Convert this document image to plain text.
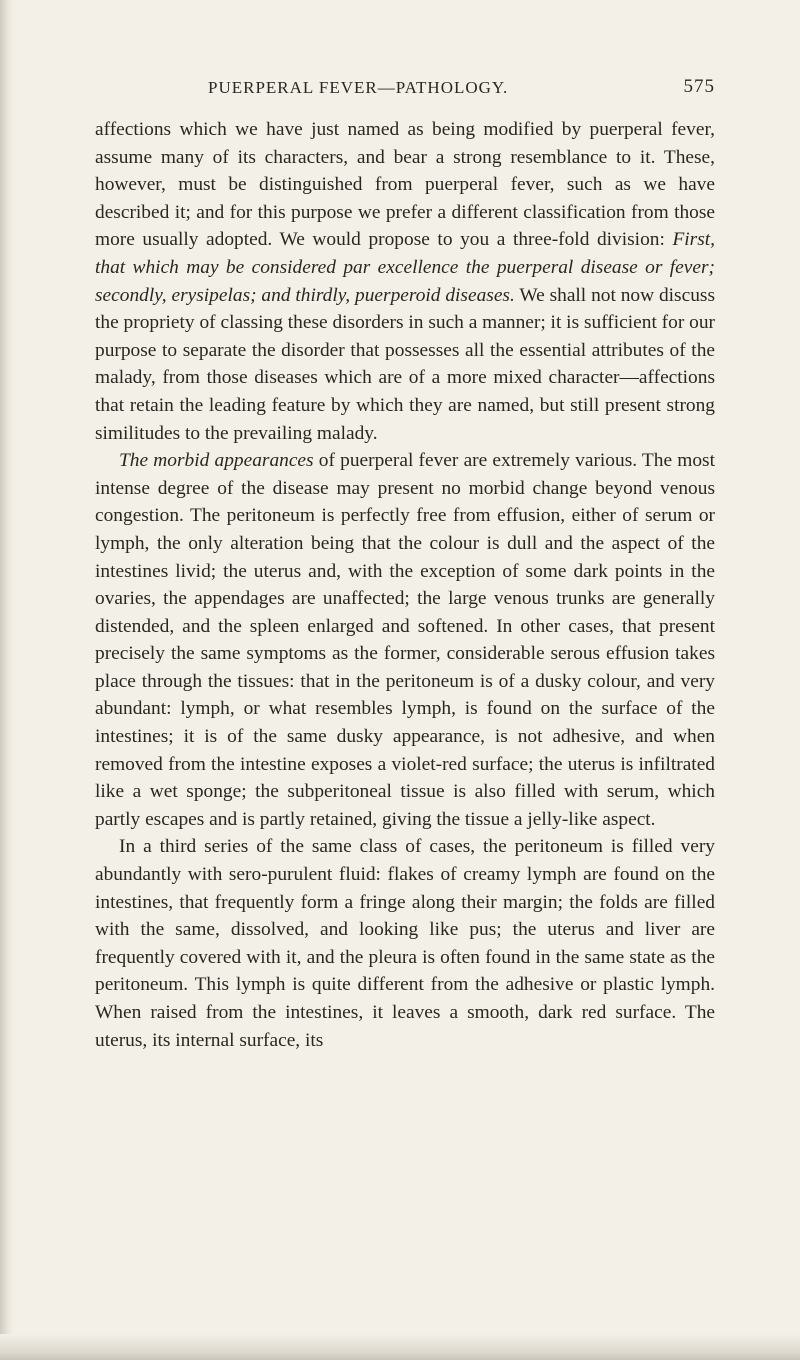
PUERPERAL FEVER—PATHOLOGY.	575

affections which we have just named as being modified by puerperal fever, assume many of its characters, and bear a strong resemblance to it. These, however, must be distinguished from puerperal fever, such as we have described it; and for this purpose we prefer a different classification from those more usually adopted. We would propose to you a three-fold division: First, that which may be considered par excellence the puerperal disease or fever; secondly, erysipelas; and thirdly, puerperoid diseases. We shall not now discuss the propriety of classing these disorders in such a manner; it is sufficient for our purpose to separate the disorder that possesses all the essential attributes of the malady, from those diseases which are of a more mixed character—affections that retain the leading feature by which they are named, but still present strong similitudes to the prevailing malady.

The morbid appearances of puerperal fever are extremely various. The most intense degree of the disease may present no morbid change beyond venous congestion. The peritoneum is perfectly free from effusion, either of serum or lymph, the only alteration being that the colour is dull and the aspect of the intestines livid; the uterus and, with the exception of some dark points in the ovaries, the appendages are unaffected; the large venous trunks are generally distended, and the spleen enlarged and softened. In other cases, that present precisely the same symptoms as the former, considerable serous effusion takes place through the tissues: that in the peritoneum is of a dusky colour, and very abundant: lymph, or what resembles lymph, is found on the surface of the intestines; it is of the same dusky appearance, is not adhesive, and when removed from the intestine exposes a violet-red surface; the uterus is infiltrated like a wet sponge; the subperitoneal tissue is also filled with serum, which partly escapes and is partly retained, giving the tissue a jelly-like aspect.

In a third series of the same class of cases, the peritoneum is filled very abundantly with sero-purulent fluid: flakes of creamy lymph are found on the intestines, that frequently form a fringe along their margin; the folds are filled with the same, dissolved, and looking like pus; the uterus and liver are frequently covered with it, and the pleura is often found in the same state as the peritoneum. This lymph is quite different from the adhesive or plastic lymph. When raised from the intestines, it leaves a smooth, dark red surface. The uterus, its internal surface, its
